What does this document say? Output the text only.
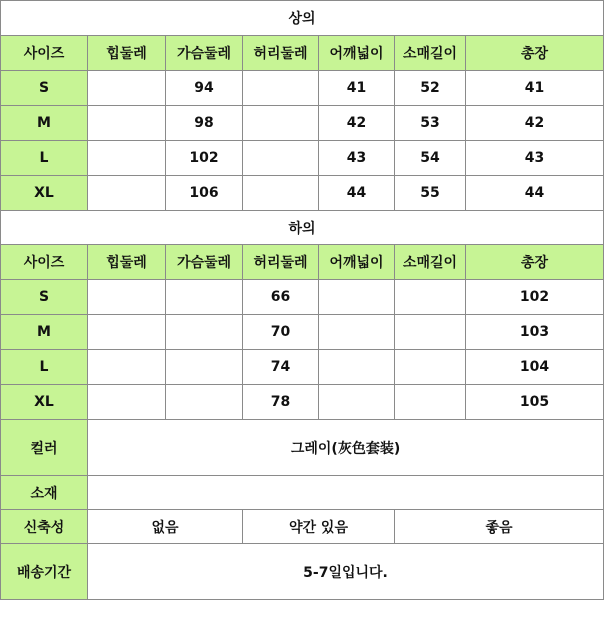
상의						
사이즈	힙둘레	가슴둘레	허리둘레	어깨넓이	소매길이	총장
S		94		41	52	41
M		98		42	53	42
L		102		43	54	43
XL		106		44	55	44
하의						
사이즈	힙둘레	가슴둘레	허리둘레	어깨넓이	소매길이	총장
S			66			102
M			70			103
L			74			104
XL			78			105
컬러	그레이(灰色套装)					
소재						
신축성	없음		약간 있음		좋음	
배송기간	5-7일입니다.					
